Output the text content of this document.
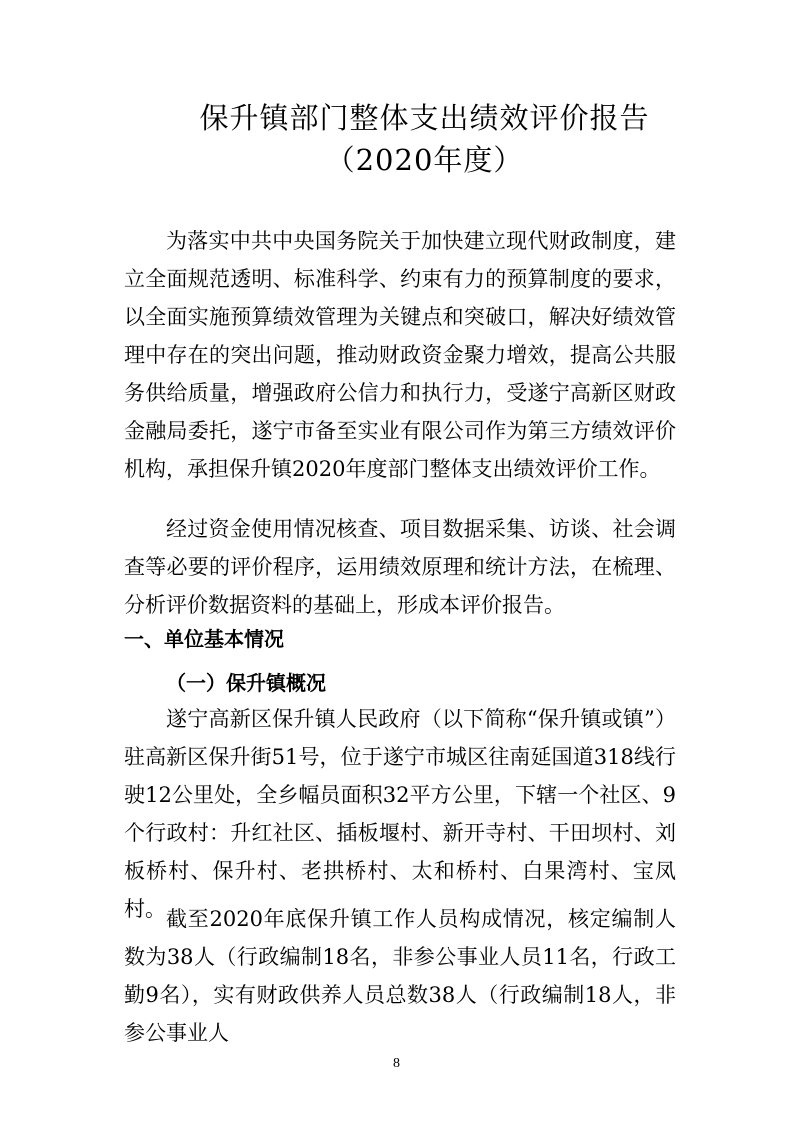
保升镇部门整体支出绩效评价报告
（2020年度）
为落实中共中央国务院关于加快建立现代财政制度，建立全面规范透明、标准科学、约束有力的预算制度的要求，以全面实施预算绩效管理为关键点和突破口，解决好绩效管理中存在的突出问题，推动财政资金聚力增效，提高公共服务供给质量，增强政府公信力和执行力，受遂宁高新区财政金融局委托，遂宁市备至实业有限公司作为第三方绩效评价机构，承担保升镇2020年度部门整体支出绩效评价工作。
经过资金使用情况核查、项目数据采集、访谈、社会调查等必要的评价程序，运用绩效原理和统计方法，在梳理、分析评价数据资料的基础上，形成本评价报告。
一、单位基本情况
（一）保升镇概况
遂宁高新区保升镇人民政府（以下简称“保升镇或镇”）驻高新区保升街51号，位于遂宁市城区往南延国道318线行驶12公里处，全乡幅员面积32平方公里，下辖一个社区、9个行政村：升红社区、插板堰村、新开寺村、干田坝村、刘板桥村、保升村、老拱桥村、太和桥村、白果湾村、宝凤村。 截至2020年底保升镇工作人员构成情况，核定编制人数为38人（行政编制18名，非参公事业人员11名，行政工勤9名），实有财政供养人员总数38人（行政编制18人，非参公事业人
8
